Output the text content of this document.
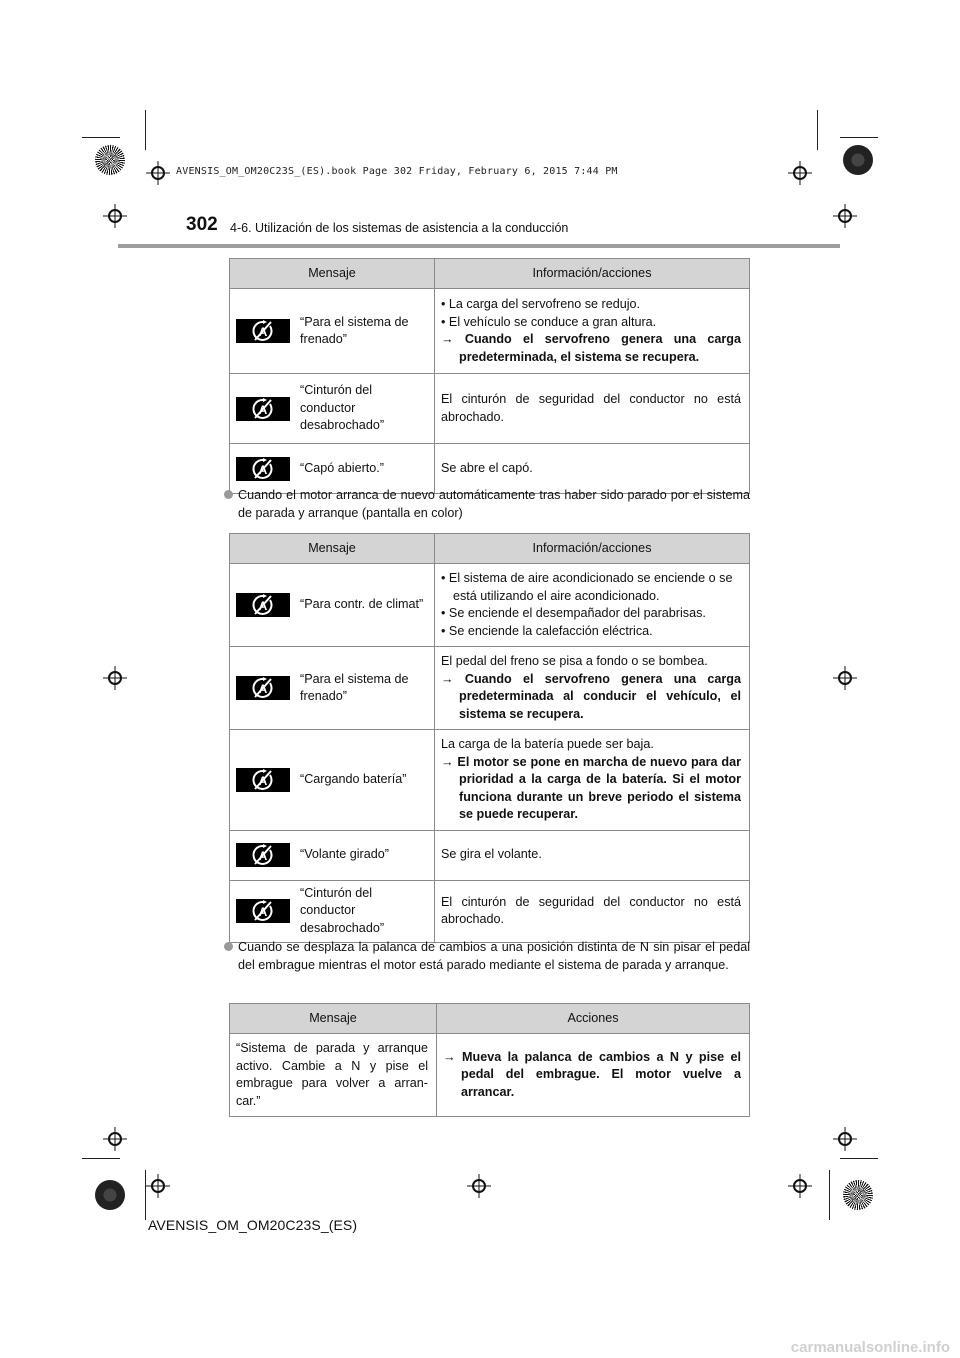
AVENSIS_OM_OM20C23S_(ES).book Page 302 Friday, February 6, 2015 7:44 PM
302 4-6. Utilización de los sistemas de asistencia a la conducción
Mensaje	Información/acciones

“Para el sistema de frenado”	• La carga del servofreno se redujo.
• El vehículo se conduce a gran altura.
→ Cuando el servofreno genera una carga predeterminada, el sistema se recupera.

“Cinturón del conductor desabrochado”	El cinturón de seguridad del conductor no está abrochado.

“Capó abierto.”	Se abre el capó.
Cuando el motor arranca de nuevo automáticamente tras haber sido parado por el sistema de parada y arranque (pantalla en color)
Mensaje	Información/acciones

“Para contr. de climat”	• El sistema de aire acondicionado se enciende o se está utilizando el aire acondicionado.
• Se enciende el desempañador del parabrisas.
• Se enciende la calefacción eléctrica.

“Para el sistema de frenado”	El pedal del freno se pisa a fondo o se bombea.
→ Cuando el servofreno genera una carga predeterminada al conducir el vehículo, el sistema se recupera.

“Cargando batería”	La carga de la batería puede ser baja.
→ El motor se pone en marcha de nuevo para dar prioridad a la carga de la batería. Si el motor funciona durante un breve periodo el sistema se puede recuperar.

“Volante girado”	Se gira el volante.

“Cinturón del conductor desabrochado”	El cinturón de seguridad del conductor no está abrochado.
Cuando se desplaza la palanca de cambios a una posición distinta de N sin pisar el pedal del embrague mientras el motor está parado mediante el sistema de parada y arranque.
Mensaje	Acciones
“Sistema de parada y arranque activo. Cambie a N y pise el embrague para volver a arran-car.”	→ Mueva la palanca de cambios a N y pise el pedal del embrague. El motor vuelve a arrancar.
AVENSIS_OM_OM20C23S_(ES)
carmanualsonline.info
